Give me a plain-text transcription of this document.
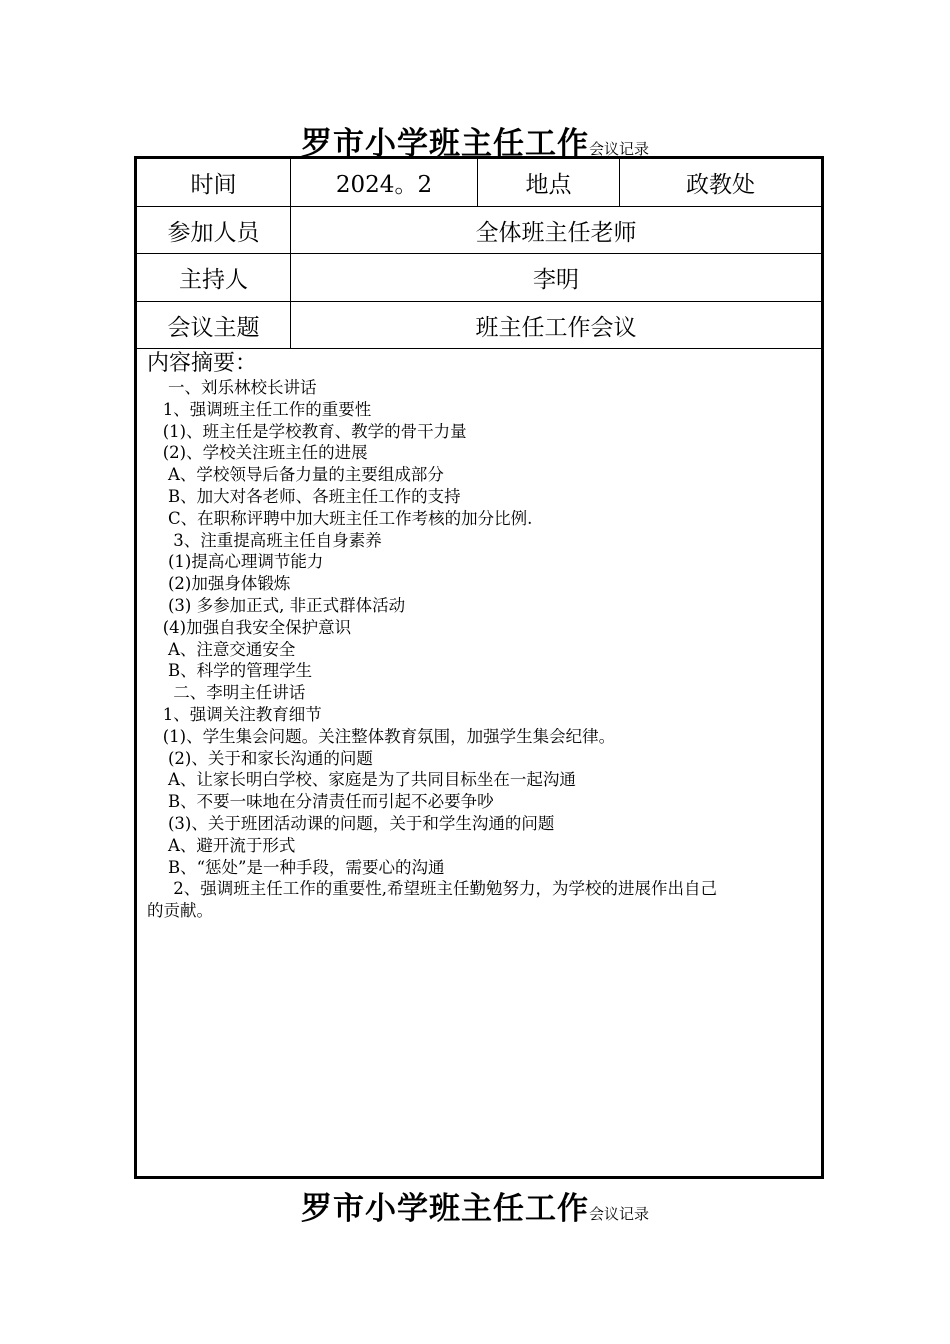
罗市小学班主任工作会议记录
时间	2024。2	地点	政教处
参加人员	全体班主任老师
主持人	李明
会议主题	班主任工作会议
内容摘要：
一、刘乐林校长讲话
1、强调班主任工作的重要性
(1)、班主任是学校教育、教学的骨干力量
(2)、学校关注班主任的进展
A、学校领导后备力量的主要组成部分
B、加大对各老师、各班主任工作的支持
C、在职称评聘中加大班主任工作考核的加分比例.
3、注重提高班主任自身素养
(1)提高心理调节能力
(2)加强身体锻炼
(3) 多参加正式, 非正式群体活动
(4)加强自我安全保护意识
A、注意交通安全
B、科学的管理学生
二、李明主任讲话
1、强调关注教育细节
(1)、学生集会问题。关注整体教育氛围，加强学生集会纪律。
(2)、关于和家长沟通的问题
A、让家长明白学校、家庭是为了共同目标坐在一起沟通
B、不要一味地在分清责任而引起不必要争吵
(3)、关于班团活动课的问题，关于和学生沟通的问题
A、避开流于形式
B、“惩处”是一种手段，需要心的沟通
2、强调班主任工作的重要性,希望班主任勤勉努力，为学校的进展作出自己
的贡献。
罗市小学班主任工作会议记录
